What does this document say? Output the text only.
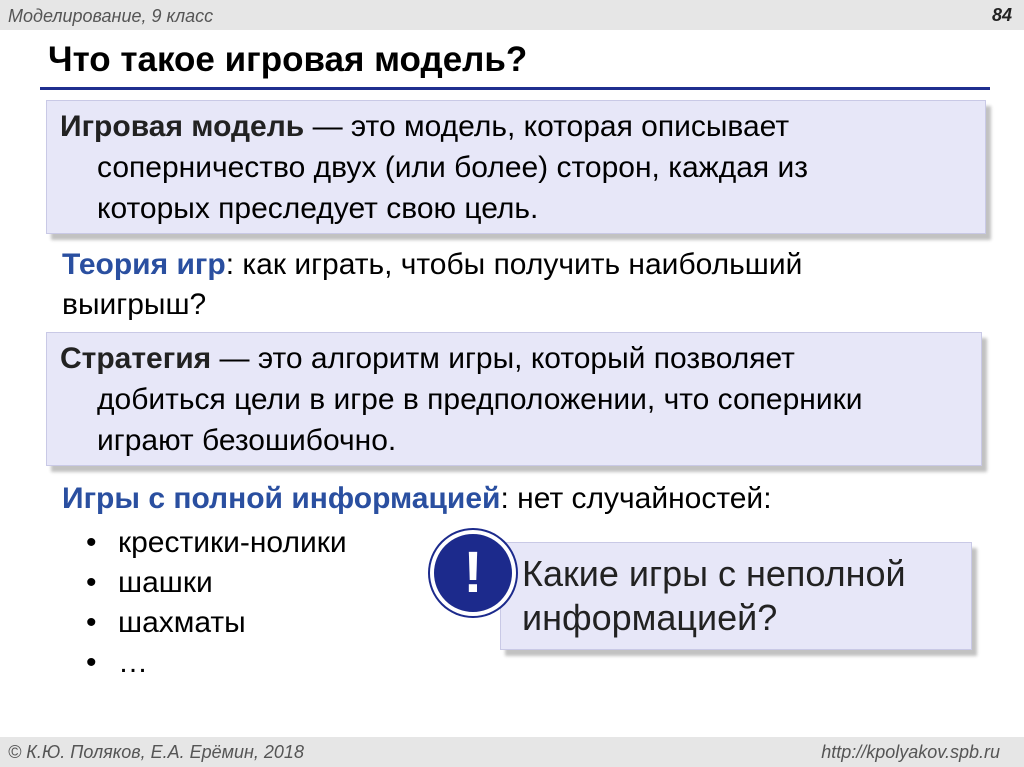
Моделирование, 9 класс	84
Что такое игровая модель?
Игровая модель — это модель, которая описывает
соперничество двух (или более) сторон, каждая из
которых преследует свою цель.
Теория игр: как играть, чтобы получить наибольший
выигрыш?
Стратегия — это алгоритм игры, который позволяет
добиться цели в игре в предположении, что соперники
играют безошибочно.
Игры с полной информацией: нет случайностей:
• крестики-нолики
• шашки
• шахматы
• …
!	Какие игры с неполной
информацией?
© К.Ю. Поляков, Е.А. Ерёмин, 2018	http://kpolyakov.spb.ru
